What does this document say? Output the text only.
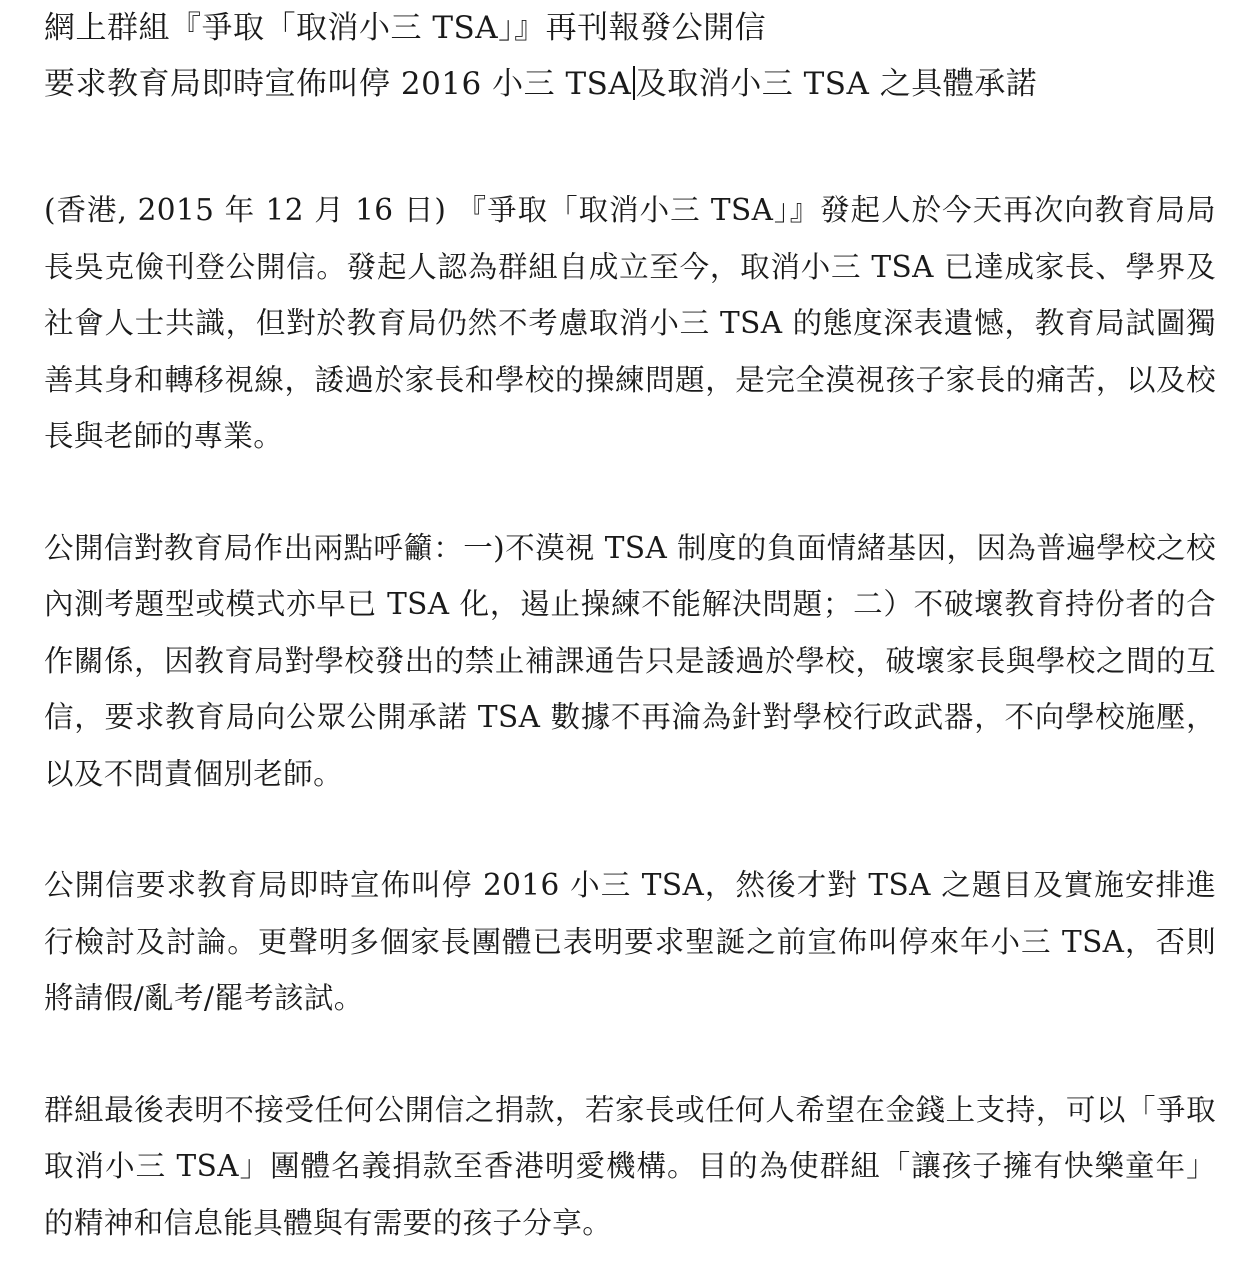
網上群組『爭取「取消小三 TSA」』再刊報發公開信
要求教育局即時宣佈叫停 2016 小三 TSA 及取消小三 TSA 之具體承諾

(香港, 2015 年 12 月 16 日) 『爭取「取消小三 TSA」』發起人於今天再次向教育局局長吳克儉刊登公開信。發起人認為群組自成立至今，取消小三 TSA 已達成家長、學界及社會人士共識，但對於教育局仍然不考慮取消小三 TSA 的態度深表遺憾，教育局試圖獨善其身和轉移視線，諉過於家長和學校的操練問題，是完全漠視孩子家長的痛苦，以及校長與老師的專業。

公開信對教育局作出兩點呼籲：一)不漠視 TSA 制度的負面情緒基因，因為普遍學校之校內測考題型或模式亦早已 TSA 化，遏止操練不能解決問題；二）不破壞教育持份者的合作關係，因教育局對學校發出的禁止補課通告只是諉過於學校，破壞家長與學校之間的互信，要求教育局向公眾公開承諾 TSA 數據不再淪為針對學校行政武器，不向學校施壓，以及不問責個別老師。

公開信要求教育局即時宣佈叫停 2016 小三 TSA，然後才對 TSA 之題目及實施安排進行檢討及討論。更聲明多個家長團體已表明要求聖誕之前宣佈叫停來年小三 TSA，否則將請假/亂考/罷考該試。

群組最後表明不接受任何公開信之捐款，若家長或任何人希望在金錢上支持，可以「爭取取消小三 TSA」團體名義捐款至香港明愛機構。目的為使群組「讓孩子擁有快樂童年」的精神和信息能具體與有需要的孩子分享。
